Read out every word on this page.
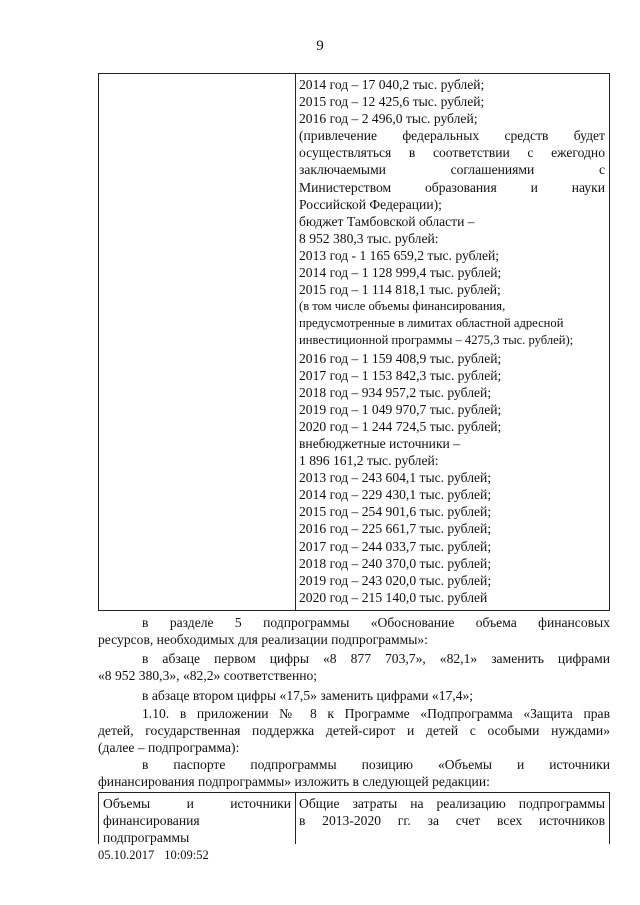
9
2014 год – 17 040,2 тыс. рублей;
2015 год – 12 425,6 тыс. рублей;
2016 год – 2 496,0 тыс. рублей;
(привлечение федеральных средств будет
осуществляться в соответствии с ежегодно
заключаемыми соглашениями с
Министерством образования и науки
Российской Федерации);
бюджет Тамбовской области –
8 952 380,3 тыс. рублей:
2013 год - 1 165 659,2 тыс. рублей;
2014 год – 1 128 999,4 тыс. рублей;
2015 год – 1 114 818,1 тыс. рублей;
(в том числе объемы финансирования,
предусмотренные в лимитах областной адресной
инвестиционной программы – 4275,3 тыс. рублей);
2016 год – 1 159 408,9 тыс. рублей;
2017 год – 1 153 842,3 тыс. рублей;
2018 год – 934 957,2 тыс. рублей;
2019 год – 1 049 970,7 тыс. рублей;
2020 год – 1 244 724,5 тыс. рублей;
внебюджетные источники –
1 896 161,2 тыс. рублей:
2013 год – 243 604,1 тыс. рублей;
2014 год – 229 430,1 тыс. рублей;
2015 год – 254 901,6 тыс. рублей;
2016 год – 225 661,7 тыс. рублей;
2017 год – 244 033,7 тыс. рублей;
2018 год – 240 370,0 тыс. рублей;
2019 год – 243 020,0 тыс. рублей;
2020 год – 215 140,0 тыс. рублей
в разделе 5 подпрограммы «Обоснование объема финансовых
ресурсов, необходимых для реализации подпрограммы»:
в абзаце первом цифры «8 877 703,7», «82,1» заменить цифрами
«8 952 380,3», «82,2» соответственно;
в абзаце втором цифры «17,5» заменить цифрами «17,4»;
1.10. в приложении № 8 к Программе «Подпрограмма «Защита прав
детей, государственная поддержка детей-сирот и детей с особыми нуждами»
(далее – подпрограмма):
в паспорте подпрограммы позицию «Объемы и источники
финансирования подпрограммы» изложить в следующей редакции:
Объемы и источники
финансирования
подпрограммы
Общие затраты на реализацию подпрограммы
в 2013-2020 гг. за счет всех источников
05.10.2017 10:09:52
